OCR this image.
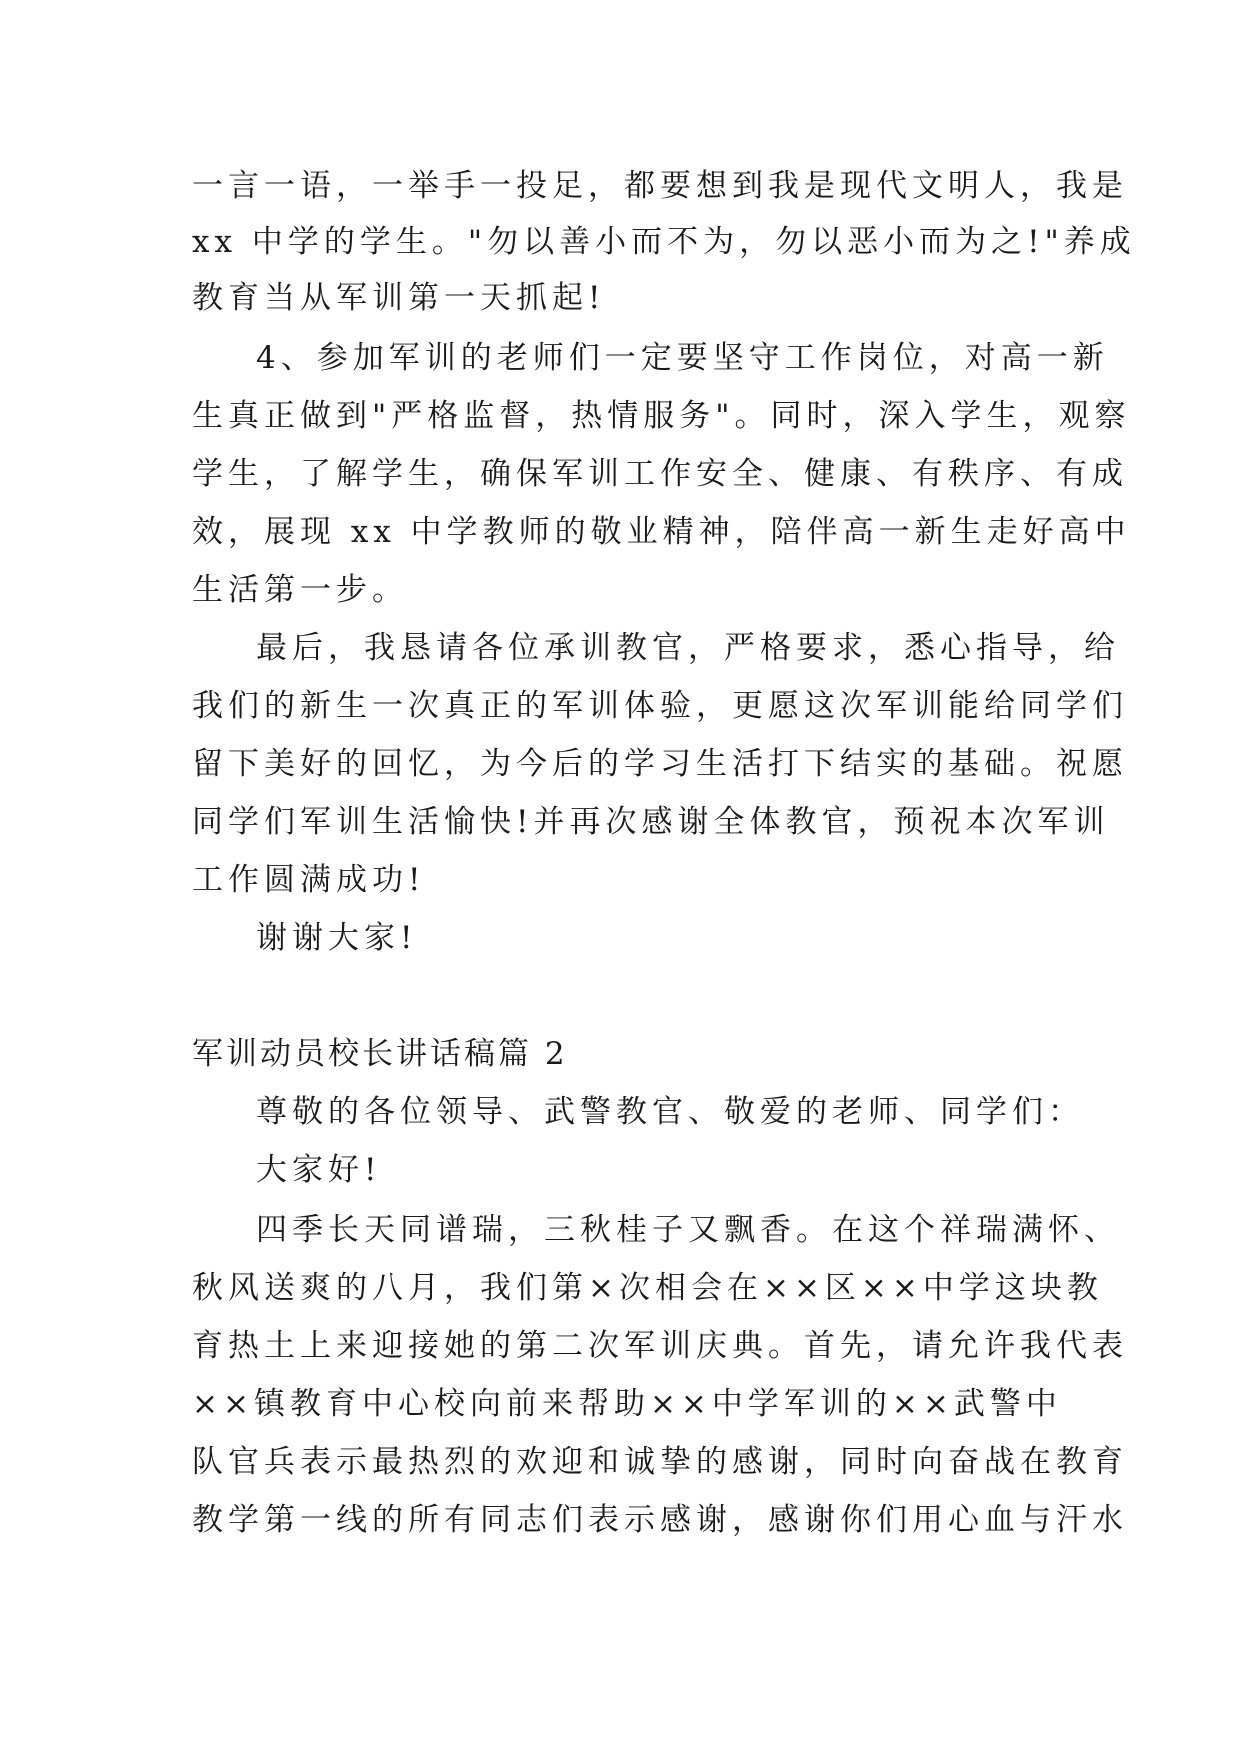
一言一语，一举手一投足，都要想到我是现代文明人，我是
xx 中学的学生。"勿以善小而不为，勿以恶小而为之!"养成
教育当从军训第一天抓起!
4、参加军训的老师们一定要坚守工作岗位，对高一新
生真正做到"严格监督，热情服务"。同时，深入学生，观察
学生，了解学生，确保军训工作安全、健康、有秩序、有成
效，展现 xx 中学教师的敬业精神，陪伴高一新生走好高中
生活第一步。
最后，我恳请各位承训教官，严格要求，悉心指导，给
我们的新生一次真正的军训体验，更愿这次军训能给同学们
留下美好的回忆，为今后的学习生活打下结实的基础。祝愿
同学们军训生活愉快!并再次感谢全体教官，预祝本次军训
工作圆满成功!
谢谢大家!
军训动员校长讲话稿篇 2
尊敬的各位领导、武警教官、敬爱的老师、同学们：
大家好!
四季长天同谱瑞，三秋桂子又飘香。在这个祥瑞满怀、
秋风送爽的八月，我们第×次相会在××区××中学这块教
育热土上来迎接她的第二次军训庆典。首先，请允许我代表
××镇教育中心校向前来帮助××中学军训的××武警中
队官兵表示最热烈的欢迎和诚挚的感谢，同时向奋战在教育
教学第一线的所有同志们表示感谢，感谢你们用心血与汗水
